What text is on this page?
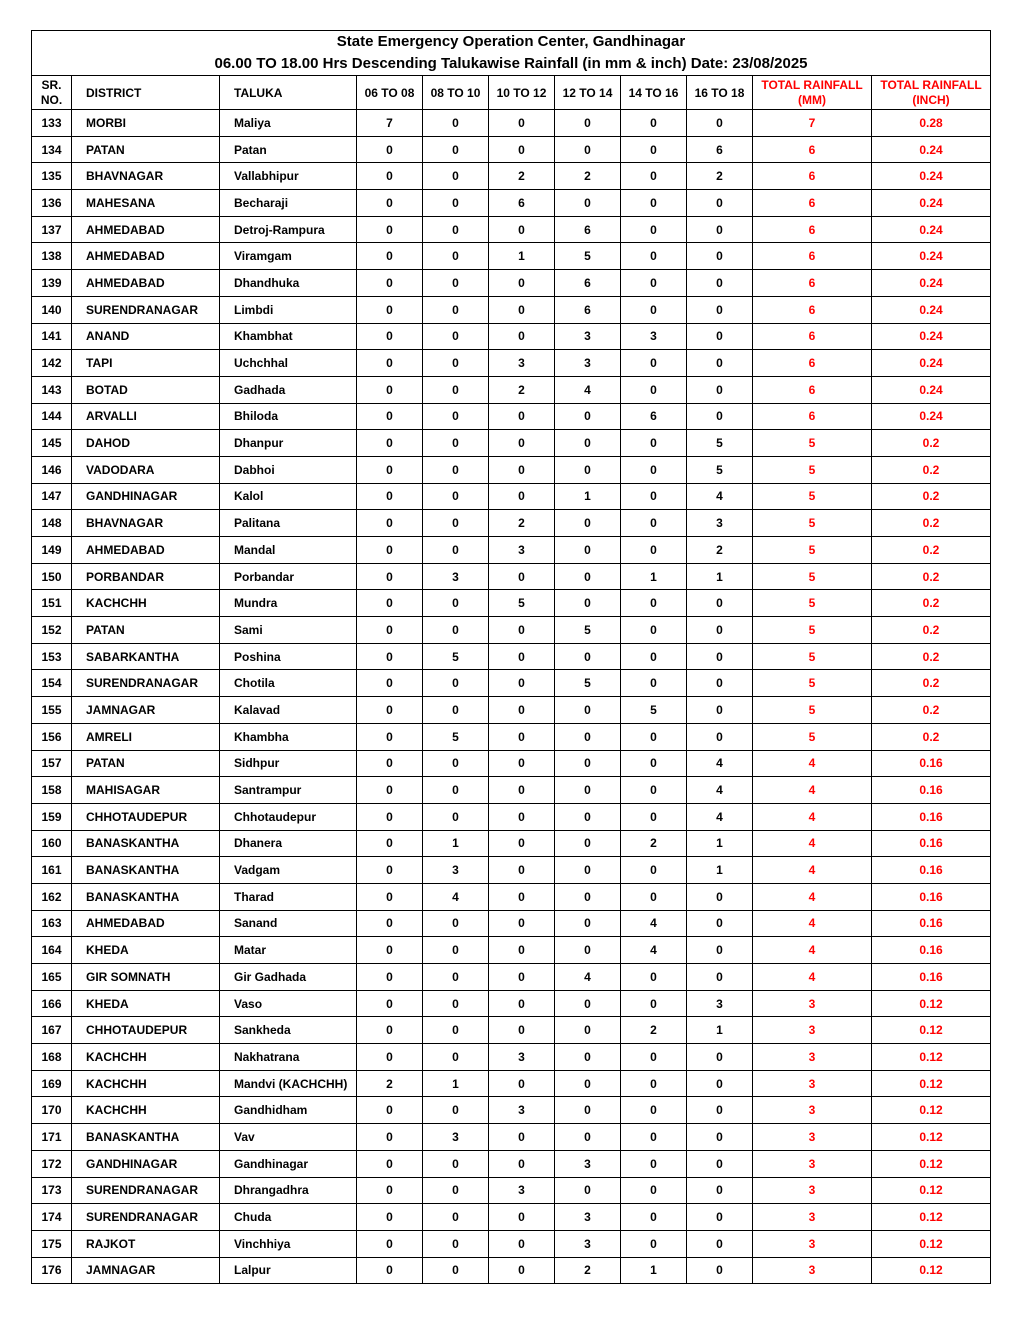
State Emergency Operation Center, Gandhinagar										
06.00 TO 18.00 Hrs Descending Talukawise Rainfall (in mm & inch) Date: 23/08/2025										
SR. NO.	DISTRICT	TALUKA	06 TO 08	08 TO 10	10 TO 12	12 TO 14	14 TO 16	16 TO 18	TOTAL RAINFALL (MM)	TOTAL RAINFALL (INCH)
133	MORBI	Maliya	7	0	0	0	0	0	7	0.28
134	PATAN	Patan	0	0	0	0	0	6	6	0.24
135	BHAVNAGAR	Vallabhipur	0	0	2	2	0	2	6	0.24
136	MAHESANA	Becharaji	0	0	6	0	0	0	6	0.24
137	AHMEDABAD	Detroj-Rampura	0	0	0	6	0	0	6	0.24
138	AHMEDABAD	Viramgam	0	0	1	5	0	0	6	0.24
139	AHMEDABAD	Dhandhuka	0	0	0	6	0	0	6	0.24
140	SURENDRANAGAR	Limbdi	0	0	0	6	0	0	6	0.24
141	ANAND	Khambhat	0	0	0	3	3	0	6	0.24
142	TAPI	Uchchhal	0	0	3	3	0	0	6	0.24
143	BOTAD	Gadhada	0	0	2	4	0	0	6	0.24
144	ARVALLI	Bhiloda	0	0	0	0	6	0	6	0.24
145	DAHOD	Dhanpur	0	0	0	0	0	5	5	0.2
146	VADODARA	Dabhoi	0	0	0	0	0	5	5	0.2
147	GANDHINAGAR	Kalol	0	0	0	1	0	4	5	0.2
148	BHAVNAGAR	Palitana	0	0	2	0	0	3	5	0.2
149	AHMEDABAD	Mandal	0	0	3	0	0	2	5	0.2
150	PORBANDAR	Porbandar	0	3	0	0	1	1	5	0.2
151	KACHCHH	Mundra	0	0	5	0	0	0	5	0.2
152	PATAN	Sami	0	0	0	5	0	0	5	0.2
153	SABARKANTHA	Poshina	0	5	0	0	0	0	5	0.2
154	SURENDRANAGAR	Chotila	0	0	0	5	0	0	5	0.2
155	JAMNAGAR	Kalavad	0	0	0	0	5	0	5	0.2
156	AMRELI	Khambha	0	5	0	0	0	0	5	0.2
157	PATAN	Sidhpur	0	0	0	0	0	4	4	0.16
158	MAHISAGAR	Santrampur	0	0	0	0	0	4	4	0.16
159	CHHOTAUDEPUR	Chhotaudepur	0	0	0	0	0	4	4	0.16
160	BANASKANTHA	Dhanera	0	1	0	0	2	1	4	0.16
161	BANASKANTHA	Vadgam	0	3	0	0	0	1	4	0.16
162	BANASKANTHA	Tharad	0	4	0	0	0	0	4	0.16
163	AHMEDABAD	Sanand	0	0	0	0	4	0	4	0.16
164	KHEDA	Matar	0	0	0	0	4	0	4	0.16
165	GIR SOMNATH	Gir Gadhada	0	0	0	4	0	0	4	0.16
166	KHEDA	Vaso	0	0	0	0	0	3	3	0.12
167	CHHOTAUDEPUR	Sankheda	0	0	0	0	2	1	3	0.12
168	KACHCHH	Nakhatrana	0	0	3	0	0	0	3	0.12
169	KACHCHH	Mandvi (KACHCHH)	2	1	0	0	0	0	3	0.12
170	KACHCHH	Gandhidham	0	0	3	0	0	0	3	0.12
171	BANASKANTHA	Vav	0	3	0	0	0	0	3	0.12
172	GANDHINAGAR	Gandhinagar	0	0	0	3	0	0	3	0.12
173	SURENDRANAGAR	Dhrangadhra	0	0	3	0	0	0	3	0.12
174	SURENDRANAGAR	Chuda	0	0	0	3	0	0	3	0.12
175	RAJKOT	Vinchhiya	0	0	0	3	0	0	3	0.12
176	JAMNAGAR	Lalpur	0	0	0	2	1	0	3	0.12
